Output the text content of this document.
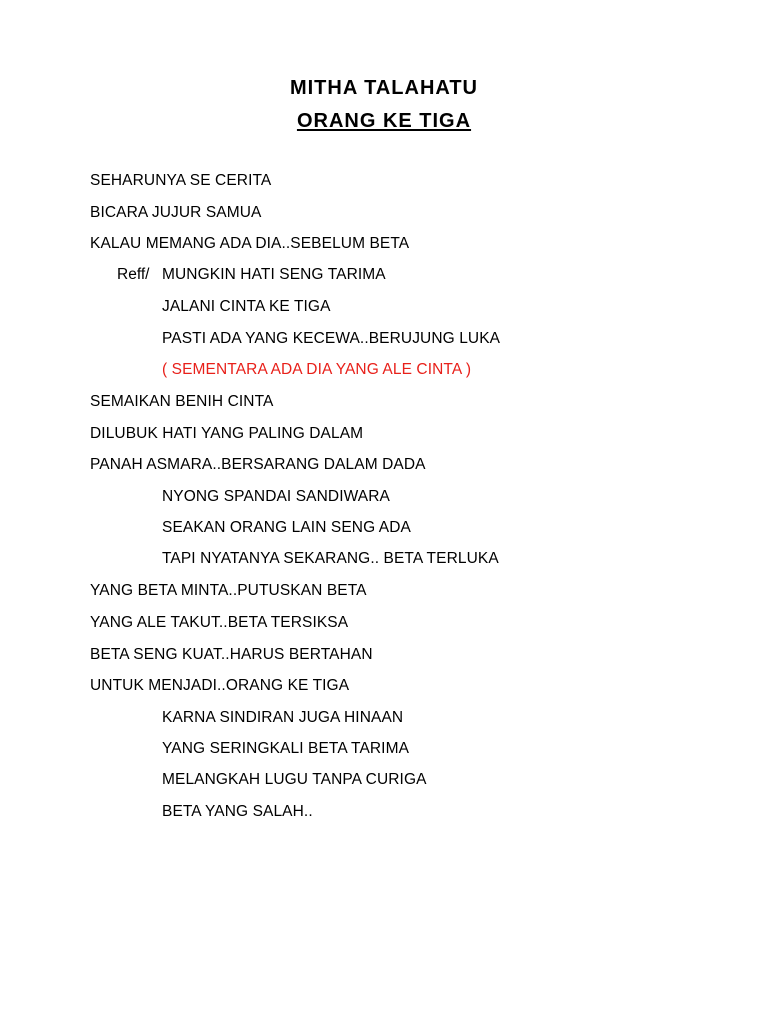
MITHA TALAHATU
ORANG KE TIGA
Reff/
SEHARUNYA SE CERITA
BICARA JUJUR SAMUA
KALAU MEMANG ADA DIA..SEBELUM BETA
MUNGKIN HATI SENG TARIMA
JALANI CINTA KE TIGA
PASTI ADA YANG KECEWA..BERUJUNG LUKA
( SEMENTARA ADA DIA YANG ALE CINTA )
SEMAIKAN BENIH CINTA
DILUBUK HATI YANG PALING DALAM
PANAH ASMARA..BERSARANG DALAM DADA
NYONG SPANDAI SANDIWARA
SEAKAN ORANG LAIN SENG ADA
TAPI NYATANYA SEKARANG.. BETA TERLUKA
YANG BETA MINTA..PUTUSKAN BETA
YANG ALE TAKUT..BETA TERSIKSA
BETA SENG KUAT..HARUS BERTAHAN
UNTUK MENJADI..ORANG KE TIGA
KARNA SINDIRAN JUGA HINAAN
YANG SERINGKALI BETA TARIMA
MELANGKAH LUGU TANPA CURIGA
BETA YANG SALAH..
